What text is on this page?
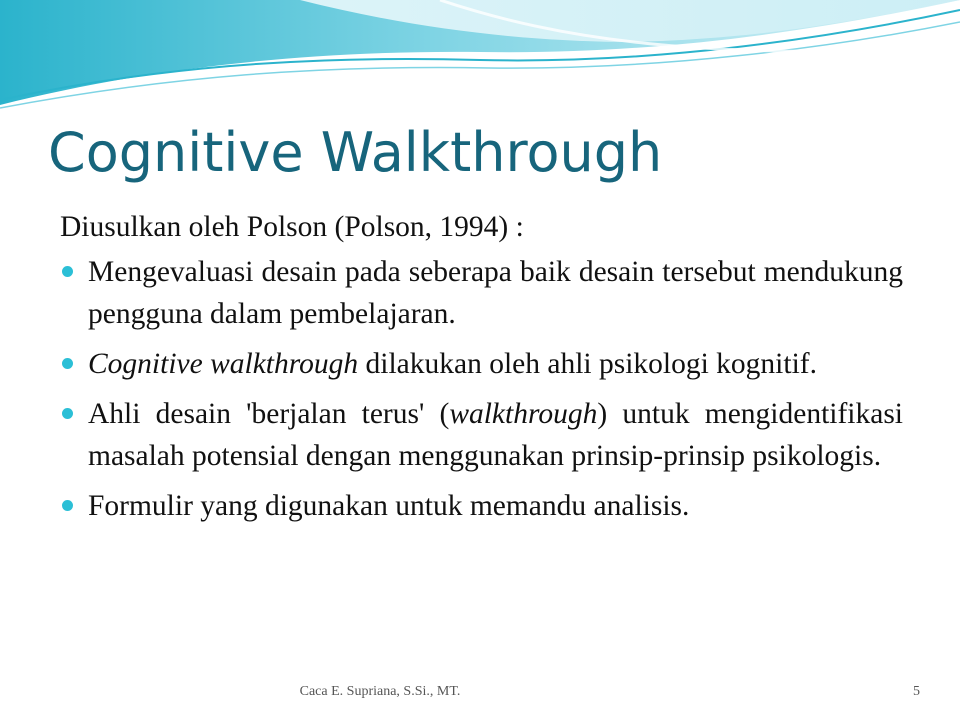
Cognitive Walkthrough

Diusulkan oleh Polson (Polson, 1994) :

Mengevaluasi desain pada seberapa baik desain tersebut mendukung pengguna dalam pembelajaran.
Cognitive walkthrough dilakukan oleh ahli psikologi kognitif.
Ahli desain 'berjalan terus' (walkthrough) untuk mengidentifikasi masalah potensial dengan menggunakan prinsip-prinsip psikologis.
Formulir yang digunakan untuk memandu analisis.
Caca E. Supriana, S.Si., MT.	5
